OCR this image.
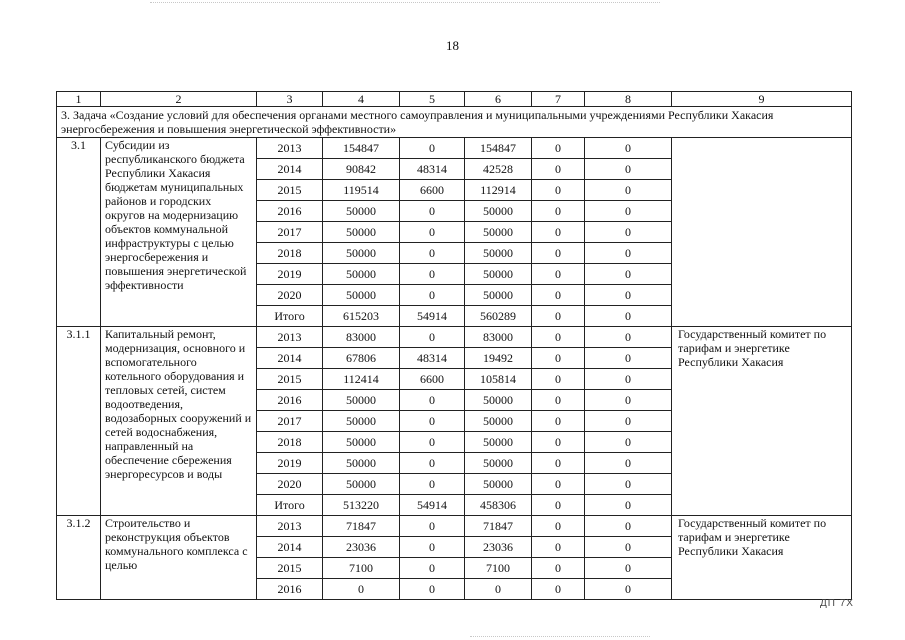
18
1	2	3	4	5	6	7	8	9
3. Задача «Создание условий для обеспечения органами местного самоуправления и муниципальными учреждениями Республики Хакасия энергосбережения и повышения энергетической эффективности»								
3.1	Субсидии из республиканского бюджета Республики Хакасия бюджетам муниципальных районов и городских округов на модернизацию объектов коммунальной инфраструктуры с целью энергосбережения и повышения энергетической эффективности	2013	154847	0	154847	0	0	
		2014	90842	48314	42528	0	0	
		2015	119514	6600	112914	0	0	
		2016	50000	0	50000	0	0	
		2017	50000	0	50000	0	0	
		2018	50000	0	50000	0	0	
		2019	50000	0	50000	0	0	
		2020	50000	0	50000	0	0	
		Итого	615203	54914	560289	0	0	
3.1.1	Капитальный ремонт, модернизация, основного и вспомогательного котельного оборудования и тепловых сетей, систем водоотведения, водозаборных сооружений и сетей водоснабжения, направленный на обеспечение сбережения энергоресурсов и воды	2013	83000	0	83000	0	0	Государственный комитет по тарифам и энергетике Республики Хакасия
		2014	67806	48314	19492	0	0	
		2015	112414	6600	105814	0	0	
		2016	50000	0	50000	0	0	
		2017	50000	0	50000	0	0	
		2018	50000	0	50000	0	0	
		2019	50000	0	50000	0	0	
		2020	50000	0	50000	0	0	
		Итого	513220	54914	458306	0	0	
3.1.2	Строительство и реконструкция объектов коммунального комплекса с целью	2013	71847	0	71847	0	0	Государственный комитет по тарифам и энергетике Республики Хакасия
		2014	23036	0	23036	0	0	
		2015	7100	0	7100	0	0	
		2016	0	0	0	0	0	
ДП 7Х
